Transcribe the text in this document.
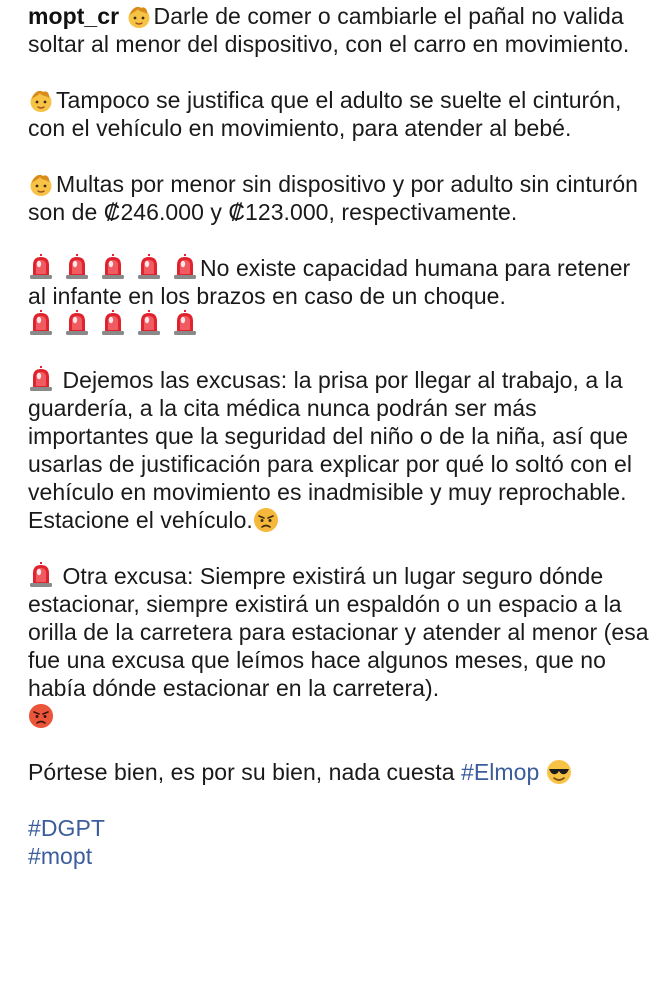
mopt_cr Darle de comer o cambiarle el pañal no valida soltar al menor del dispositivo, con el carro en movimiento.

Tampoco se justifica que el adulto se suelte el cinturón, con el vehículo en movimiento, para atender al bebé.

Multas por menor sin dispositivo y por adulto sin cinturón son de ₡246.000 y ₡123.000, respectivamente.

No existe capacidad humana para retener al infante en los brazos en caso de un choque.

Dejemos las excusas: la prisa por llegar al trabajo, a la guardería, a la cita médica nunca podrán ser más importantes que la seguridad del niño o de la niña, así que usarlas de justificación para explicar por qué lo soltó con el vehículo en movimiento es inadmisible y muy reprochable. Estacione el vehículo.

Otra excusa: Siempre existirá un lugar seguro dónde estacionar, siempre existirá un espaldón o un espacio a la orilla de la carretera para estacionar y atender al menor (esa fue una excusa que leímos hace algunos meses, que no había dónde estacionar en la carretera).

Pórtese bien, es por su bien, nada cuesta #Elmop

#DGPT
#mopt
